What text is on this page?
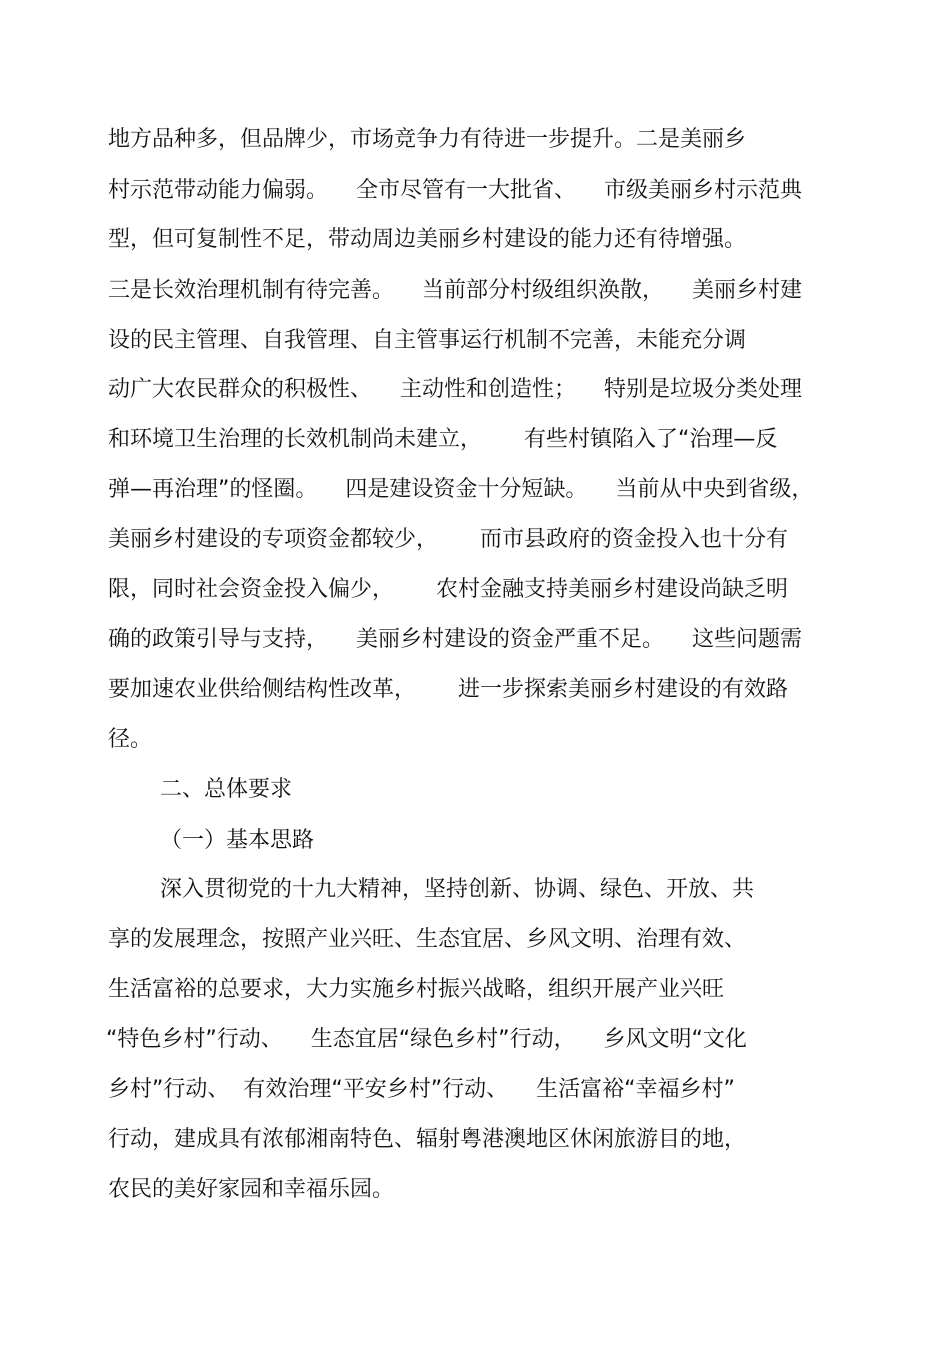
地方品种多，但品牌少，市场竞争力有待进一步提升。二是美丽乡
村示范带动能力偏弱。    全市尽管有一大批省、    市级美丽乡村示范典
型，但可复制性不足，带动周边美丽乡村建设的能力还有待增强。
三是长效治理机制有待完善。    当前部分村级组织涣散，    美丽乡村建
设的民主管理、自我管理、自主管事运行机制不完善，未能充分调
动广大农民群众的积极性、    主动性和创造性；    特别是垃圾分类处理
和环境卫生治理的长效机制尚未建立，      有些村镇陷入了“治理—反
弹—再治理”的怪圈。    四是建设资金十分短缺。    当前从中央到省级，
美丽乡村建设的专项资金都较少，      而市县政府的资金投入也十分有
限，同时社会资金投入偏少，      农村金融支持美丽乡村建设尚缺乏明
确的政策引导与支持，    美丽乡村建设的资金严重不足。    这些问题需
要加速农业供给侧结构性改革，      进一步探索美丽乡村建设的有效路
径。
二、总体要求
（一）基本思路
深入贯彻党的十九大精神，坚持创新、协调、绿色、开放、共
享的发展理念，按照产业兴旺、生态宜居、乡风文明、治理有效、
生活富裕的总要求，大力实施乡村振兴战略，组织开展产业兴旺
“特色乡村”行动、    生态宜居“绿色乡村”行动，    乡风文明“文化
乡村”行动、  有效治理“平安乡村”行动、    生活富裕“幸福乡村”
行动，建成具有浓郁湘南特色、辐射粤港澳地区休闲旅游目的地，
农民的美好家园和幸福乐园。
